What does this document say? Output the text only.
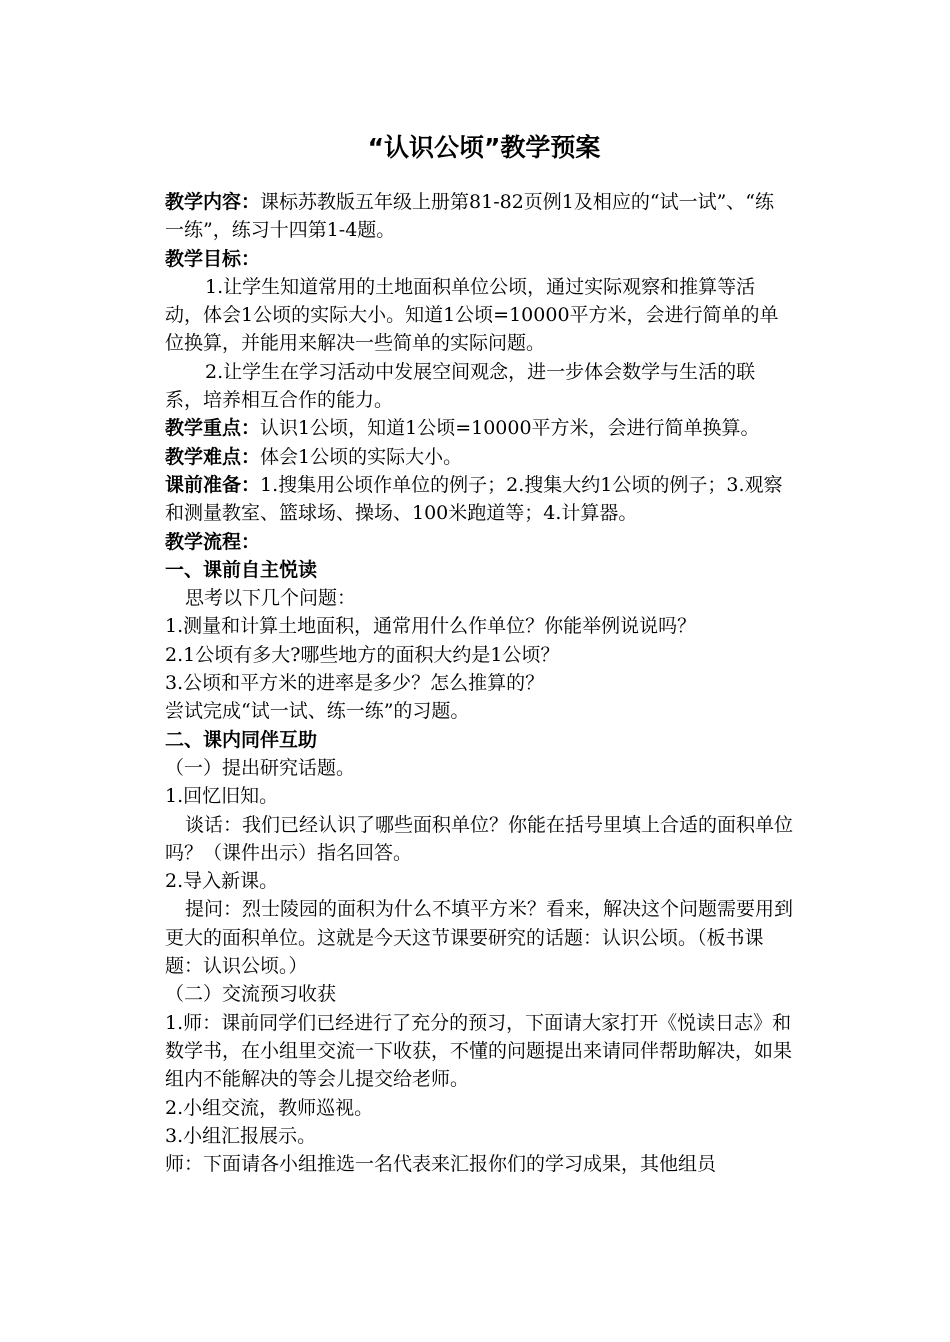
“认识公顷”教学预案

教学内容：课标苏教版五年级上册第81-82页例1及相应的“试一试”、“练一练”，练习十四第1-4题。

教学目标：

1.让学生知道常用的土地面积单位公顷，通过实际观察和推算等活动，体会1公顷的实际大小。知道1公顷=10000平方米，会进行简单的单位换算，并能用来解决一些简单的实际问题。

2.让学生在学习活动中发展空间观念，进一步体会数学与生活的联系，培养相互合作的能力。

教学重点：认识1公顷，知道1公顷=10000平方米，会进行简单换算。

教学难点：体会1公顷的实际大小。

课前准备：1.搜集用公顷作单位的例子；2.搜集大约1公顷的例子；3.观察和测量教室、篮球场、操场、100米跑道等；4.计算器。

教学流程：

一、课前自主悦读

思考以下几个问题：

1.测量和计算土地面积，通常用什么作单位？你能举例说说吗？

2.1公顷有多大?哪些地方的面积大约是1公顷？

3.公顷和平方米的进率是多少？怎么推算的？

尝试完成“试一试、练一练”的习题。

二、课内同伴互助

（一）提出研究话题。

1.回忆旧知。

谈话：我们已经认识了哪些面积单位？你能在括号里填上合适的面积单位吗？（课件出示）指名回答。

2.导入新课。

提问：烈士陵园的面积为什么不填平方米？看来，解决这个问题需要用到更大的面积单位。这就是今天这节课要研究的话题：认识公顷。（板书课题：认识公顷。）

（二）交流预习收获

1.师：课前同学们已经进行了充分的预习，下面请大家打开《悦读日志》和数学书，在小组里交流一下收获，不懂的问题提出来请同伴帮助解决，如果组内不能解决的等会儿提交给老师。

2.小组交流，教师巡视。

3.小组汇报展示。

师：下面请各小组推选一名代表来汇报你们的学习成果，其他组员
